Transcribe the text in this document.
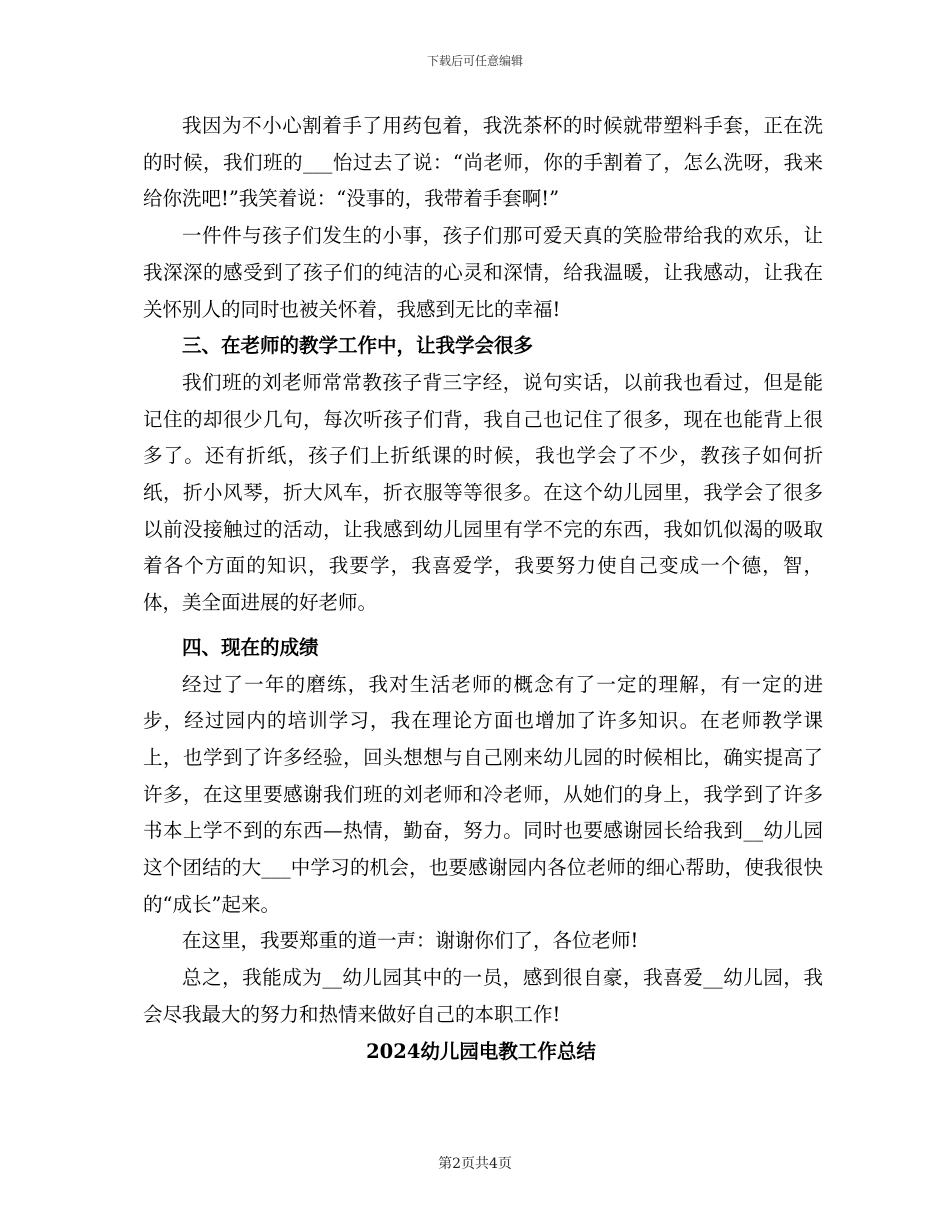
下载后可任意编辑

我因为不小心割着手了用药包着，我洗茶杯的时候就带塑料手套，正在洗的时候，我们班的___怡过去了说：“尚老师，你的手割着了，怎么洗呀，我来给你洗吧!”我笑着说：“没事的，我带着手套啊!”

一件件与孩子们发生的小事，孩子们那可爱天真的笑脸带给我的欢乐，让我深深的感受到了孩子们的纯洁的心灵和深情，给我温暖，让我感动，让我在关怀别人的同时也被关怀着，我感到无比的幸福!

三、在老师的教学工作中，让我学会很多

我们班的刘老师常常教孩子背三字经，说句实话，以前我也看过，但是能记住的却很少几句，每次听孩子们背，我自己也记住了很多，现在也能背上很多了。还有折纸，孩子们上折纸课的时候，我也学会了不少，教孩子如何折纸，折小风琴，折大风车，折衣服等等很多。在这个幼儿园里，我学会了很多以前没接触过的活动，让我感到幼儿园里有学不完的东西，我如饥似渴的吸取着各个方面的知识，我要学，我喜爱学，我要努力使自己变成一个德，智，体，美全面进展的好老师。

四、现在的成绩

经过了一年的磨练，我对生活老师的概念有了一定的理解，有一定的进步，经过园内的培训学习，我在理论方面也增加了许多知识。在老师教学课上，也学到了许多经验，回头想想与自己刚来幼儿园的时候相比，确实提高了许多，在这里要感谢我们班的刘老师和冷老师，从她们的身上，我学到了许多书本上学不到的东西—热情，勤奋，努力。同时也要感谢园长给我到__幼儿园这个团结的大___中学习的机会，也要感谢园内各位老师的细心帮助，使我很快的“成长”起来。

在这里，我要郑重的道一声：谢谢你们了，各位老师!

总之，我能成为__幼儿园其中的一员，感到很自豪，我喜爱__幼儿园，我会尽我最大的努力和热情来做好自己的本职工作!

2024幼儿园电教工作总结

第2页共4页
